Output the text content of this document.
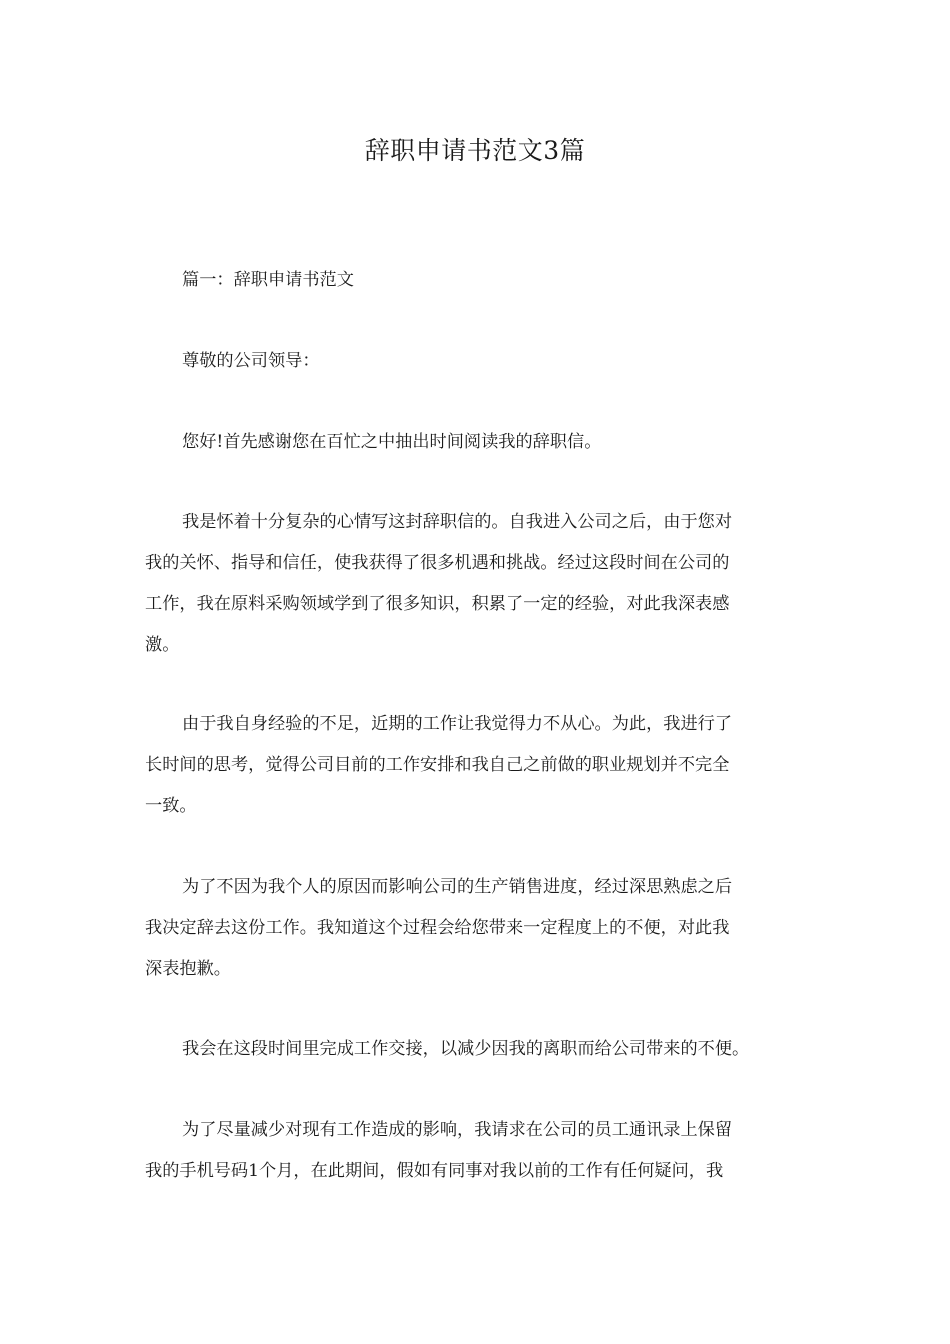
辞职申请书范文3篇

篇一：辞职申请书范文

尊敬的公司领导：

您好!首先感谢您在百忙之中抽出时间阅读我的辞职信。

我是怀着十分复杂的心情写这封辞职信的。自我进入公司之后，由于您对
我的关怀、指导和信任，使我获得了很多机遇和挑战。经过这段时间在公司的
工作，我在原料采购领域学到了很多知识，积累了一定的经验，对此我深表感
激。

由于我自身经验的不足，近期的工作让我觉得力不从心。为此，我进行了
长时间的思考，觉得公司目前的工作安排和我自己之前做的职业规划并不完全
一致。

为了不因为我个人的原因而影响公司的生产销售进度，经过深思熟虑之后
我决定辞去这份工作。我知道这个过程会给您带来一定程度上的不便，对此我
深表抱歉。

我会在这段时间里完成工作交接，以减少因我的离职而给公司带来的不便。

为了尽量减少对现有工作造成的影响，我请求在公司的员工通讯录上保留
我的手机号码1个月，在此期间，假如有同事对我以前的工作有任何疑问，我
